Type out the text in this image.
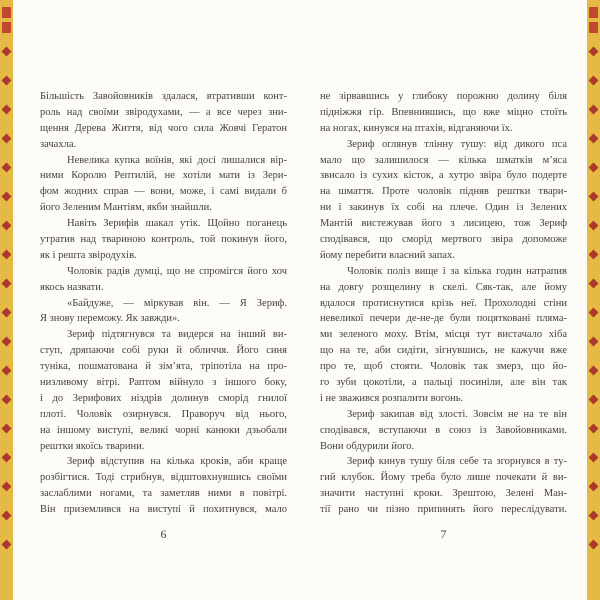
Більшість Завойовників здалася, втративши конт-
роль над своїми звіродухами, — а все через зни-
щення Дерева Життя, від чого сила Жовчі Гератон
зачахла.
Невелика купка воїнів, які досі лишалися вір-
ними Королю Рептилій, не хотіли мати із Зери-
фом жодних справ — вони, може, і самі видали б
його Зеленим Мантіям, якби знайшли.
Навіть Зерифів шакал утік. Щойно поганець
утратив над твариною контроль, той покинув його,
як і решта звіродухів.
Чоловік радів думці, що не спромігся його хоч
якось назвати.
«Байдуже, — міркував він. — Я Зериф.
Я знову переможу. Як завжди».
Зериф підтягнувся та видерся на інший ви-
ступ, дряпаючи собі руки й обличчя. Його синя
туніка, пошматована й зім’ята, тріпотіла на про-
низливому вітрі. Раптом війнуло з іншого боку,
і до Зерифових ніздрів долинув сморід гнилої
плоті. Чоловік озирнувся. Праворуч від нього,
на іншому виступі, великі чорні канюки дзьобали
рештки якоїсь тварини.
Зериф відступив на кілька кроків, аби краще
розбігтися. Тоді стрибнув, відштовхнувшись своїми
заслаблими ногами, та заметляв ними в повітрі.
Він приземлився на виступі й похитнувся, мало
не зірвавшись у глибоку порожню долину біля
підніжжя гір. Впевнившись, що вже міцно стоїть
на ногах, кинувся на птахів, відганяючи їх.
Зериф оглянув тлінну тушу: від дикого пса
мало що залишилося — кілька шматків м’яса
звисало із сухих кісток, а хутро звіра було подерте
на шмаття. Проте чоловік підняв рештки твари-
ни і закинув їх собі на плече. Один із Зелених
Мантій вистежував його з лисицею, тож Зериф
сподівався, що сморід мертвого звіра допоможе
йому перебити власний запах.
Чоловік поліз вище і за кілька годин натрапив
на довгу розщелину в скелі. Сяк-так, але йому
вдалося протиснутися крізь неї. Прохолодні стіни
невеликої печери де-не-де були поцятковані пляма-
ми зеленого моху. Втім, місця тут вистачало хіба
що на те, аби сидіти, зігнувшись, не кажучи вже
про те, щоб стояти. Чоловік так змерз, що йо-
го зуби цокотіли, а пальці посиніли, але він так
і не зважився розпалити вогонь.
Зериф закипав від злості. Зовсім не на те він
сподівався, вступаючи в союз із Завойовниками.
Вони обдурили його.
Зериф кинув тушу біля себе та згорнувся в ту-
гий клубок. Йому треба було лише почекати й ви-
значити наступні кроки. Зрештою, Зелені Ман-
тії рано чи пізно припинять його переслідувати.
6	7
